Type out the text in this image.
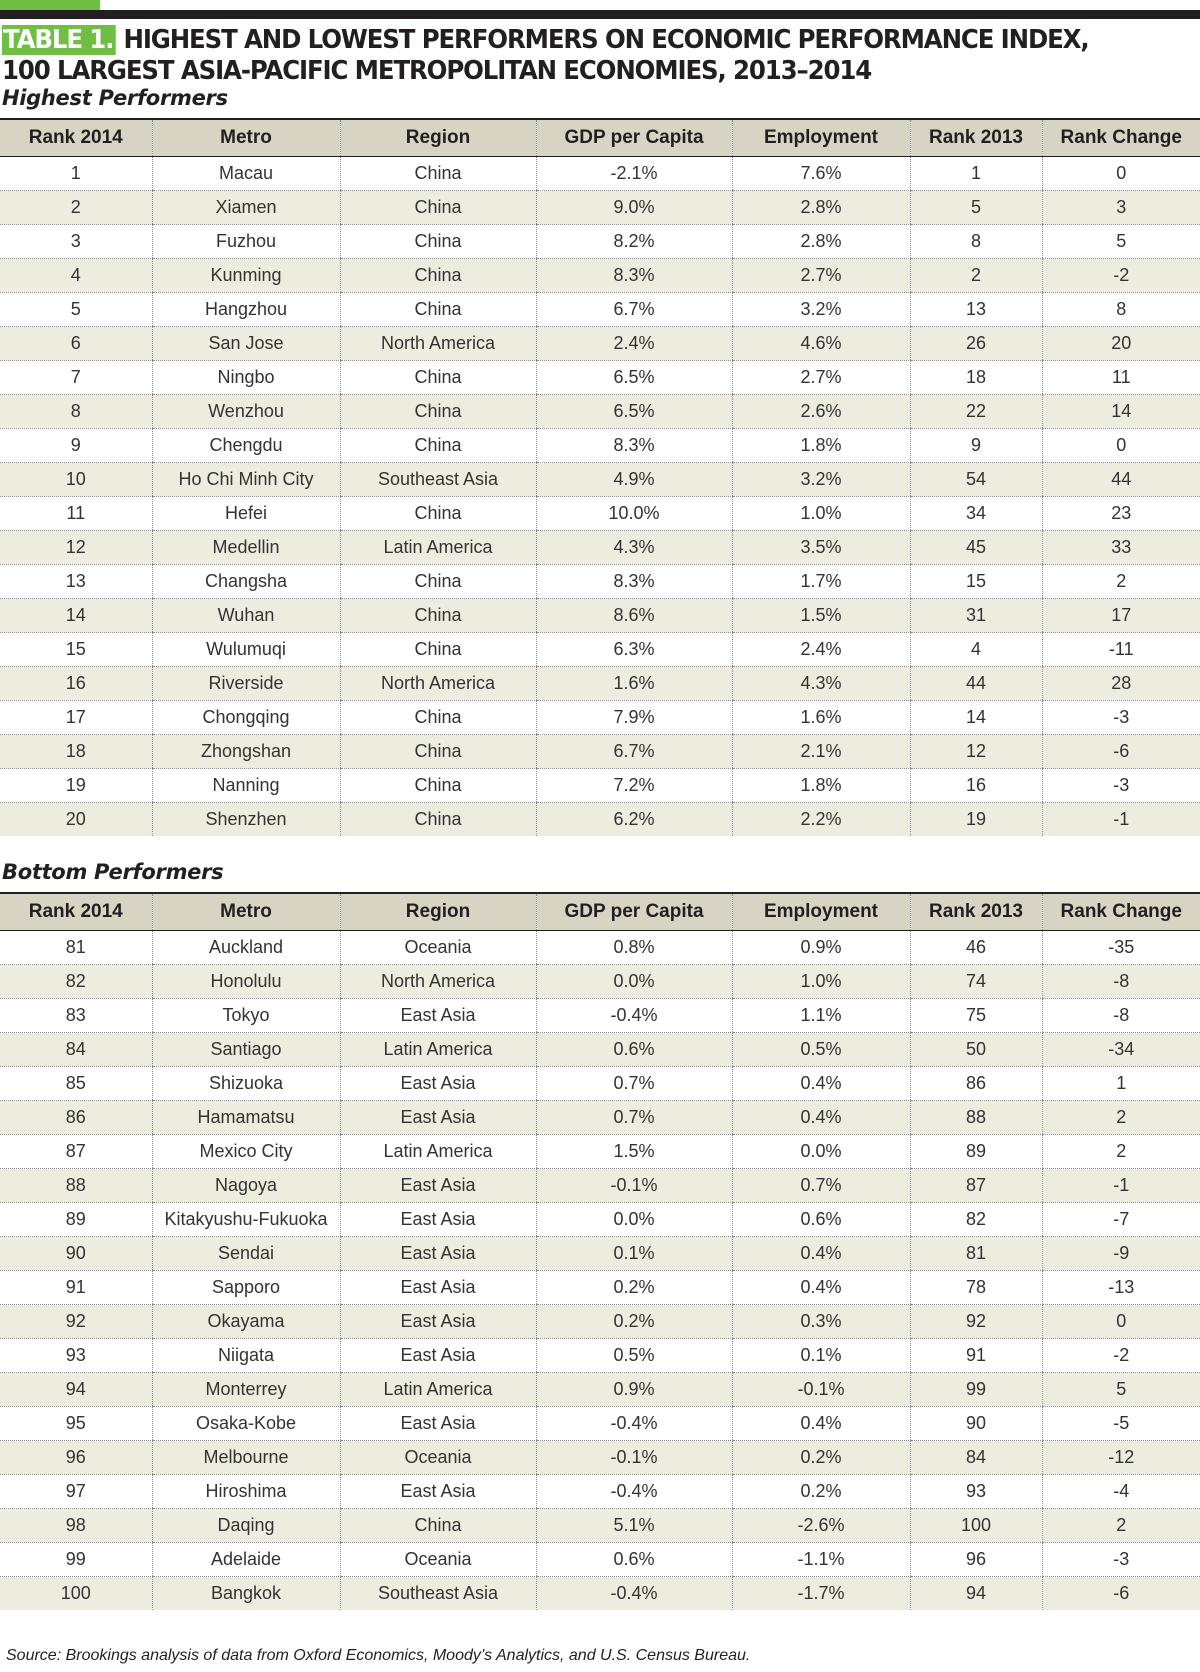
TABLE 1. HIGHEST AND LOWEST PERFORMERS ON ECONOMIC PERFORMANCE INDEX, 100 LARGEST ASIA-PACIFIC METROPOLITAN ECONOMIES, 2013–2014
Highest Performers
Rank 2014	Metro	Region	GDP per Capita	Employment	Rank 2013	Rank Change
1	Macau	China	-2.1%	7.6%	1	0
2	Xiamen	China	9.0%	2.8%	5	3
3	Fuzhou	China	8.2%	2.8%	8	5
4	Kunming	China	8.3%	2.7%	2	-2
5	Hangzhou	China	6.7%	3.2%	13	8
6	San Jose	North America	2.4%	4.6%	26	20
7	Ningbo	China	6.5%	2.7%	18	11
8	Wenzhou	China	6.5%	2.6%	22	14
9	Chengdu	China	8.3%	1.8%	9	0
10	Ho Chi Minh City	Southeast Asia	4.9%	3.2%	54	44
11	Hefei	China	10.0%	1.0%	34	23
12	Medellin	Latin America	4.3%	3.5%	45	33
13	Changsha	China	8.3%	1.7%	15	2
14	Wuhan	China	8.6%	1.5%	31	17
15	Wulumuqi	China	6.3%	2.4%	4	-11
16	Riverside	North America	1.6%	4.3%	44	28
17	Chongqing	China	7.9%	1.6%	14	-3
18	Zhongshan	China	6.7%	2.1%	12	-6
19	Nanning	China	7.2%	1.8%	16	-3
20	Shenzhen	China	6.2%	2.2%	19	-1
Bottom Performers
Rank 2014	Metro	Region	GDP per Capita	Employment	Rank 2013	Rank Change
81	Auckland	Oceania	0.8%	0.9%	46	-35
82	Honolulu	North America	0.0%	1.0%	74	-8
83	Tokyo	East Asia	-0.4%	1.1%	75	-8
84	Santiago	Latin America	0.6%	0.5%	50	-34
85	Shizuoka	East Asia	0.7%	0.4%	86	1
86	Hamamatsu	East Asia	0.7%	0.4%	88	2
87	Mexico City	Latin America	1.5%	0.0%	89	2
88	Nagoya	East Asia	-0.1%	0.7%	87	-1
89	Kitakyushu-Fukuoka	East Asia	0.0%	0.6%	82	-7
90	Sendai	East Asia	0.1%	0.4%	81	-9
91	Sapporo	East Asia	0.2%	0.4%	78	-13
92	Okayama	East Asia	0.2%	0.3%	92	0
93	Niigata	East Asia	0.5%	0.1%	91	-2
94	Monterrey	Latin America	0.9%	-0.1%	99	5
95	Osaka-Kobe	East Asia	-0.4%	0.4%	90	-5
96	Melbourne	Oceania	-0.1%	0.2%	84	-12
97	Hiroshima	East Asia	-0.4%	0.2%	93	-4
98	Daqing	China	5.1%	-2.6%	100	2
99	Adelaide	Oceania	0.6%	-1.1%	96	-3
100	Bangkok	Southeast Asia	-0.4%	-1.7%	94	-6

Source: Brookings analysis of data from Oxford Economics, Moody’s Analytics, and U.S. Census Bureau.
